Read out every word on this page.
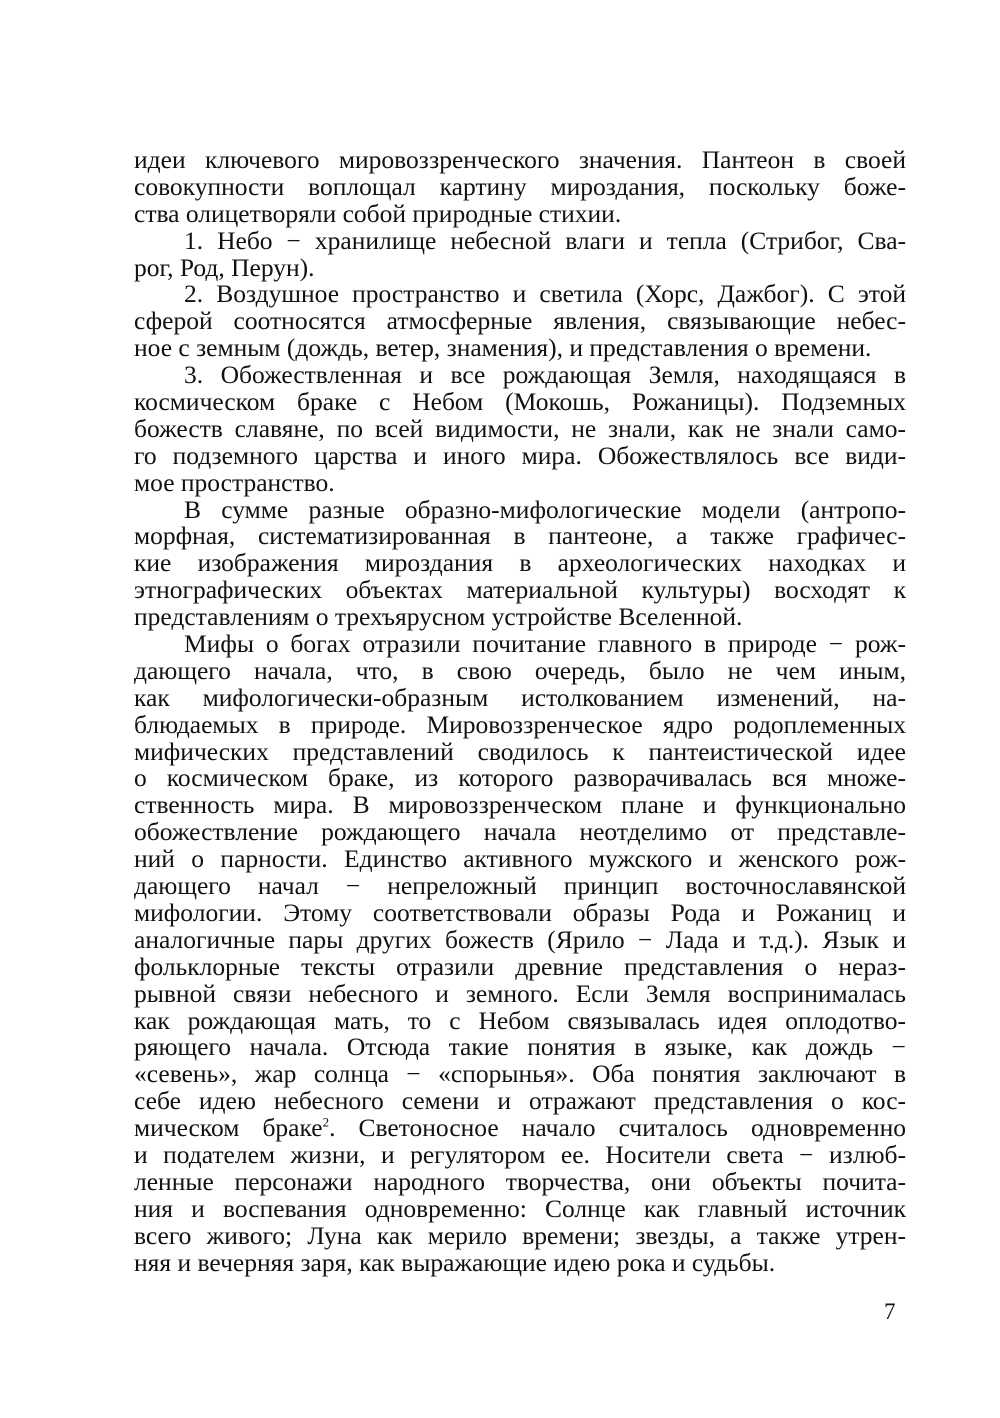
идеи ключевого мировоззренческого значения. Пантеон в своей
совокупности воплощал картину мироздания, поскольку боже-
ства олицетворяли собой природные стихии.
1. Небо − хранилище небесной влаги и тепла (Стрибог, Сва-
рог, Род, Перун).
2. Воздушное пространство и светила (Хорс, Дажбог). С этой
сферой соотносятся атмосферные явления, связывающие небес-
ное с земным (дождь, ветер, знамения), и представления о времени.
3. Обожествленная и все рождающая Земля, находящаяся в
космическом браке с Небом (Мокошь, Рожаницы). Подземных
божеств славяне, по всей видимости, не знали, как не знали само-
го подземного царства и иного мира. Обожествлялось все види-
мое пространство.
В сумме разные образно-мифологические модели (антропо-
морфная, систематизированная в пантеоне, а также графичес-
кие изображения мироздания в археологических находках и
этнографических объектах материальной культуры) восходят к
представлениям о трехъярусном устройстве Вселенной.
Мифы о богах отразили почитание главного в природе − рож-
дающего начала, что, в свою очередь, было не чем иным,
как мифологически-образным истолкованием изменений, на-
блюдаемых в природе. Мировоззренческое ядро родоплеменных
мифических представлений сводилось к пантеистической идее
о космическом браке, из которого разворачивалась вся множе-
ственность мира. В мировоззренческом плане и функционально
обожествление рождающего начала неотделимо от представле-
ний о парности. Единство активного мужского и женского рож-
дающего начал − непреложный принцип восточнославянской
мифологии. Этому соответствовали образы Рода и Рожаниц и
аналогичные пары других божеств (Ярило − Лада и т.д.). Язык и
фольклорные тексты отразили древние представления о нераз-
рывной связи небесного и земного. Если Земля воспринималась
как рождающая мать, то с Небом связывалась идея оплодотво-
ряющего начала. Отсюда такие понятия в языке, как дождь −
«севень», жар солнца − «спорынья». Оба понятия заключают в
себе идею небесного семени и отражают представления о кос-
мическом браке$^2$. Светоносное начало считалось одновременно
и подателем жизни, и регулятором ее. Носители света − излюб-
ленные персонажи народного творчества, они объекты почита-
ния и воспевания одновременно: Солнце как главный источник
всего живого; Луна как мерило времени; звезды, а также утрен-
няя и вечерняя заря, как выражающие идею рока и судьбы.
7
